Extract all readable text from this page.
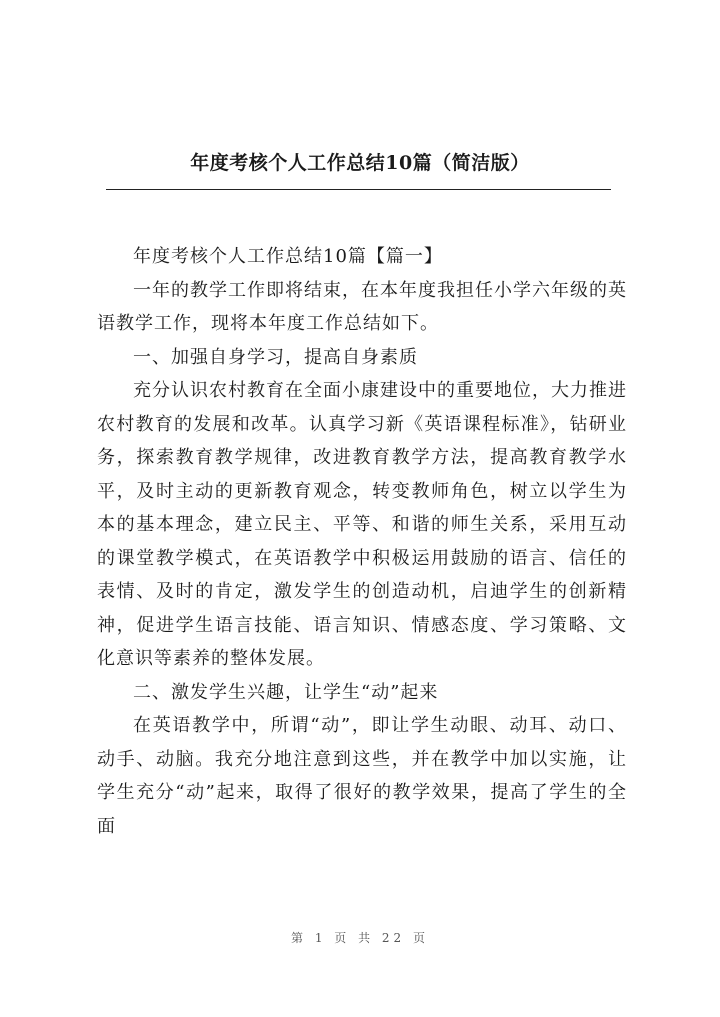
年度考核个人工作总结10篇（简洁版）

年度考核个人工作总结10篇【篇一】

一年的教学工作即将结束，在本年度我担任小学六年级的英语教学工作，现将本年度工作总结如下。

一、加强自身学习，提高自身素质

充分认识农村教育在全面小康建设中的重要地位，大力推进农村教育的发展和改革。认真学习新《英语课程标准》，钻研业务，探索教育教学规律，改进教育教学方法，提高教育教学水平，及时主动的更新教育观念，转变教师角色，树立以学生为本的基本理念，建立民主、平等、和谐的师生关系，采用互动的课堂教学模式，在英语教学中积极运用鼓励的语言、信任的表情、及时的肯定，激发学生的创造动机，启迪学生的创新精神，促进学生语言技能、语言知识、情感态度、学习策略、文化意识等素养的整体发展。

二、激发学生兴趣，让学生“动”起来

在英语教学中，所谓“动”，即让学生动眼、动耳、动口、动手、动脑。我充分地注意到这些，并在教学中加以实施，让学生充分“动”起来，取得了很好的教学效果，提高了学生的全面

第 1 页 共 22 页
